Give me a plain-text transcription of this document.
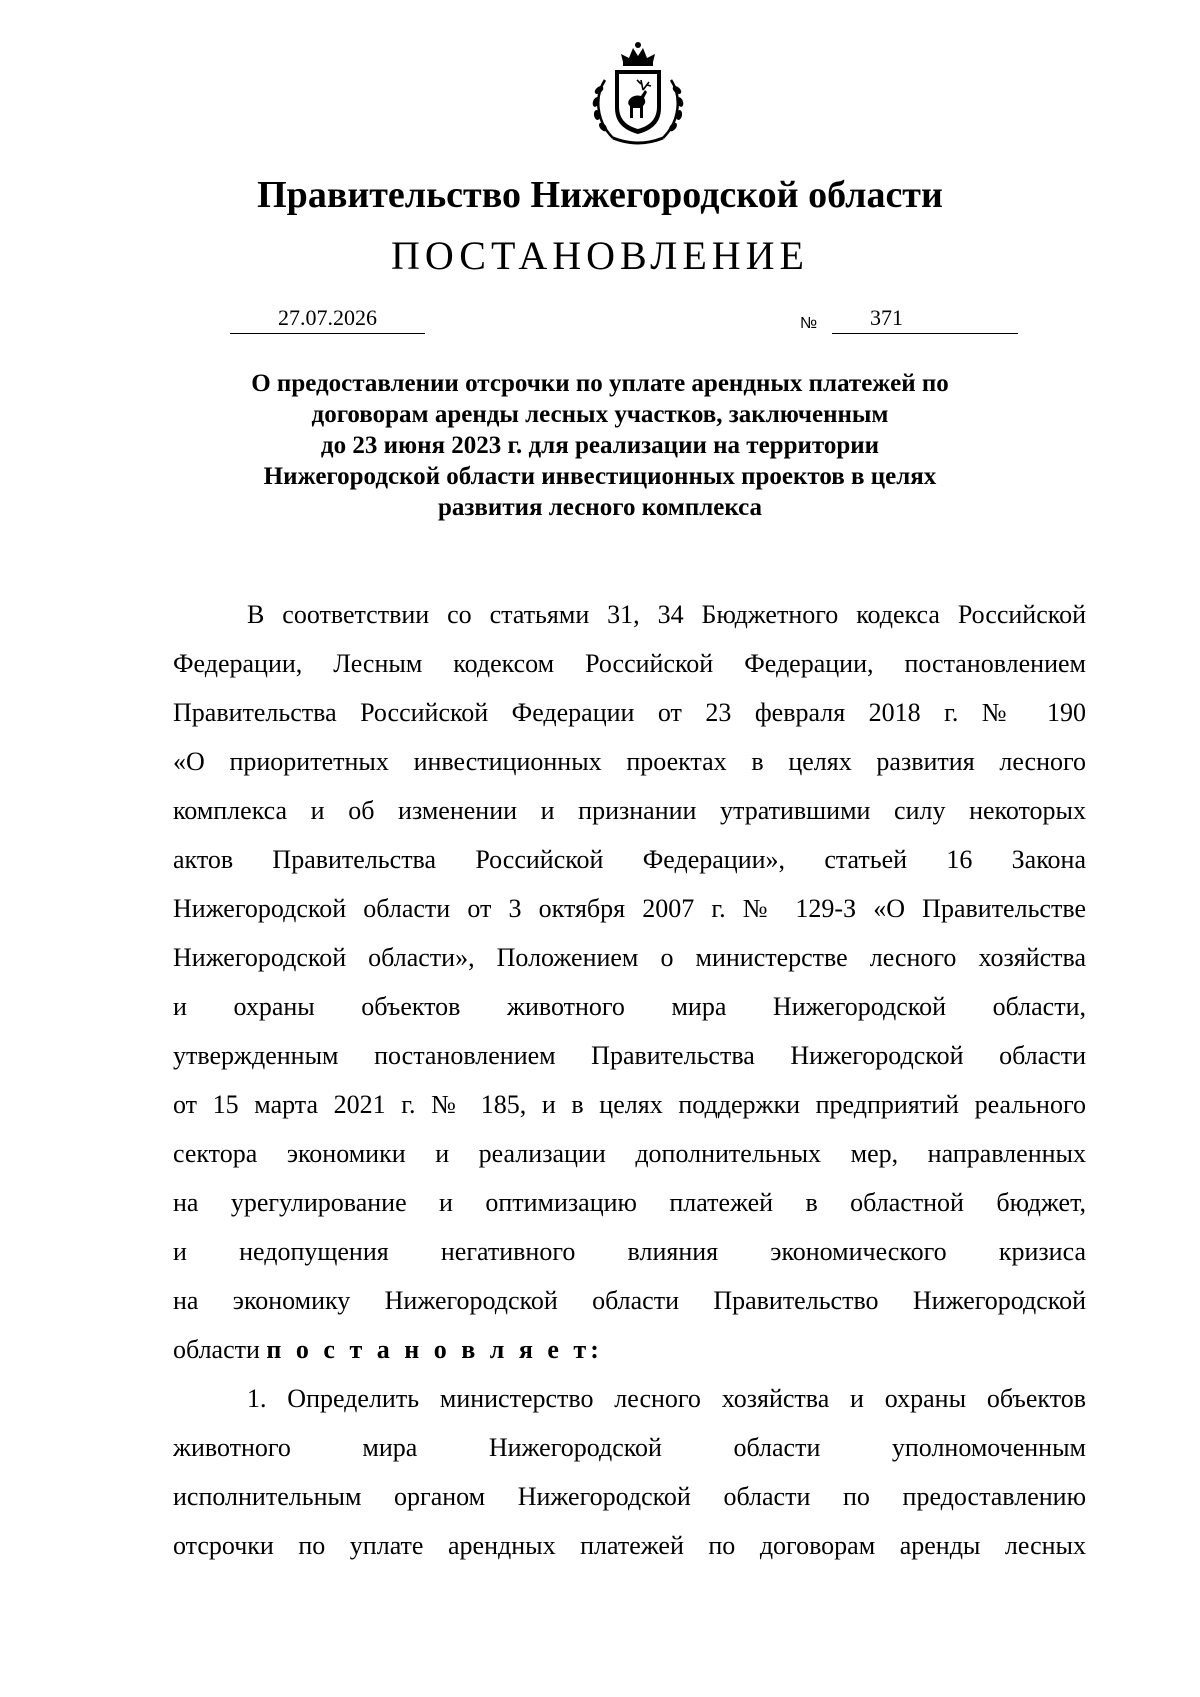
Правительство Нижегородской области
ПОСТАНОВЛЕНИЕ
27.07.2026	№ 371
О предоставлении отсрочки по уплате арендных платежей по
договорам аренды лесных участков, заключенным
до 23 июня 2023 г. для реализации на территории
Нижегородской области инвестиционных проектов в целях
развития лесного комплекса
В соответствии со статьями 31, 34 Бюджетного кодекса Российской
Федерации, Лесным кодексом Российской Федерации, постановлением
Правительства Российской Федерации от 23 февраля 2018 г. № 190
«О приоритетных инвестиционных проектах в целях развития лесного
комплекса и об изменении и признании утратившими силу некоторых
актов Правительства Российской Федерации», статьей 16 Закона
Нижегородской области от 3 октября 2007 г. № 129-З «О Правительстве
Нижегородской области», Положением о министерстве лесного хозяйства
и охраны объектов животного мира Нижегородской области,
утвержденным постановлением Правительства Нижегородской области
от 15 марта 2021 г. № 185, и в целях поддержки предприятий реального
сектора экономики и реализации дополнительных мер, направленных
на урегулирование и оптимизацию платежей в областной бюджет,
и недопущения негативного влияния экономического кризиса
на экономику Нижегородской области Правительство Нижегородской
области п о с т а н о в л я е т:
1. Определить министерство лесного хозяйства и охраны объектов
животного мира Нижегородской области уполномоченным
исполнительным органом Нижегородской области по предоставлению
отсрочки по уплате арендных платежей по договорам аренды лесных
